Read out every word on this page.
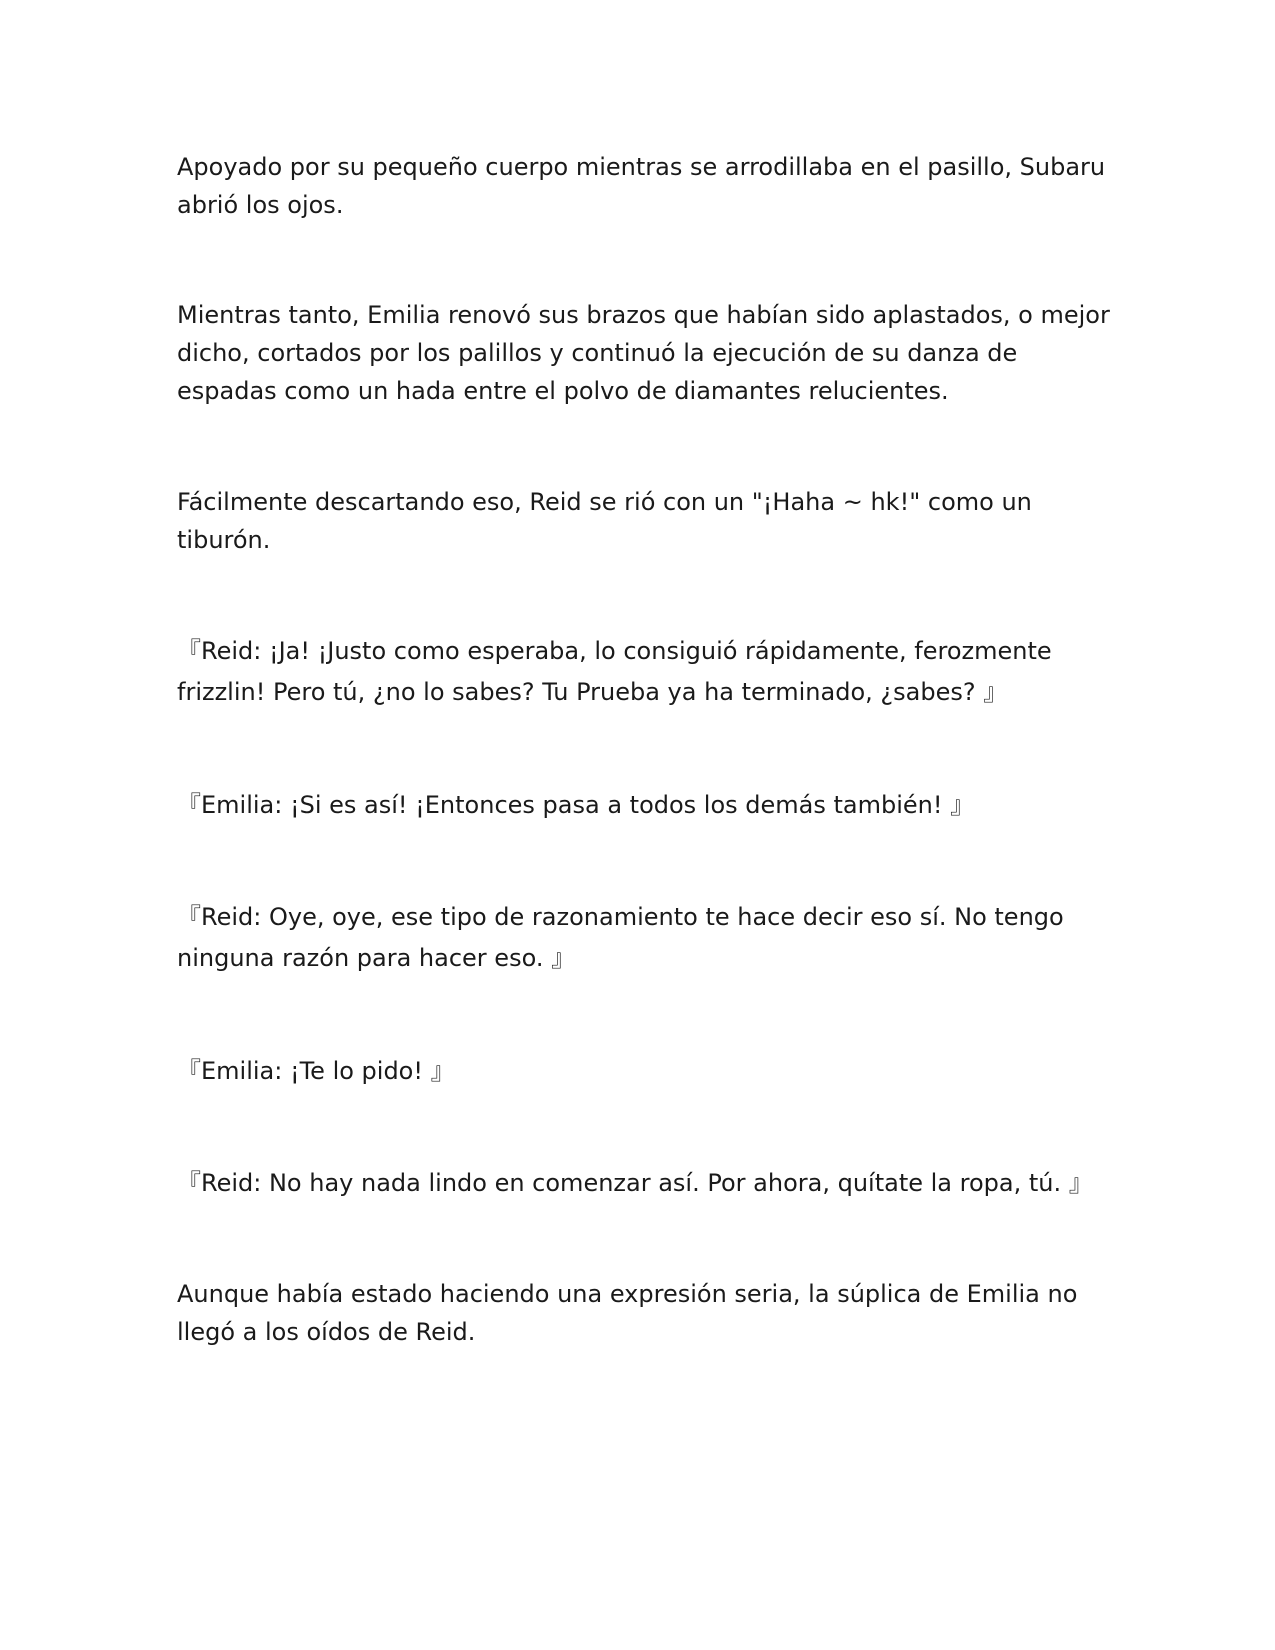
Apoyado por su pequeño cuerpo mientras se arrodillaba en el pasillo, Subaru abrió los ojos.

Mientras tanto, Emilia renovó sus brazos que habían sido aplastados, o mejor dicho, cortados por los palillos y continuó la ejecución de su danza de espadas como un hada entre el polvo de diamantes relucientes.

Fácilmente descartando eso, Reid se rió con un "¡Haha ~ hk!" como un tiburón.

『Reid: ¡Ja! ¡Justo como esperaba, lo consiguió rápidamente, ferozmente frizzlin! Pero tú, ¿no lo sabes? Tu Prueba ya ha terminado, ¿sabes? 』

『Emilia: ¡Si es así! ¡Entonces pasa a todos los demás también! 』

『Reid: Oye, oye, ese tipo de razonamiento te hace decir eso sí. No tengo ninguna razón para hacer eso. 』

『Emilia: ¡Te lo pido! 』

『Reid: No hay nada lindo en comenzar así. Por ahora, quítate la ropa, tú. 』

Aunque había estado haciendo una expresión seria, la súplica de Emilia no llegó a los oídos de Reid.
